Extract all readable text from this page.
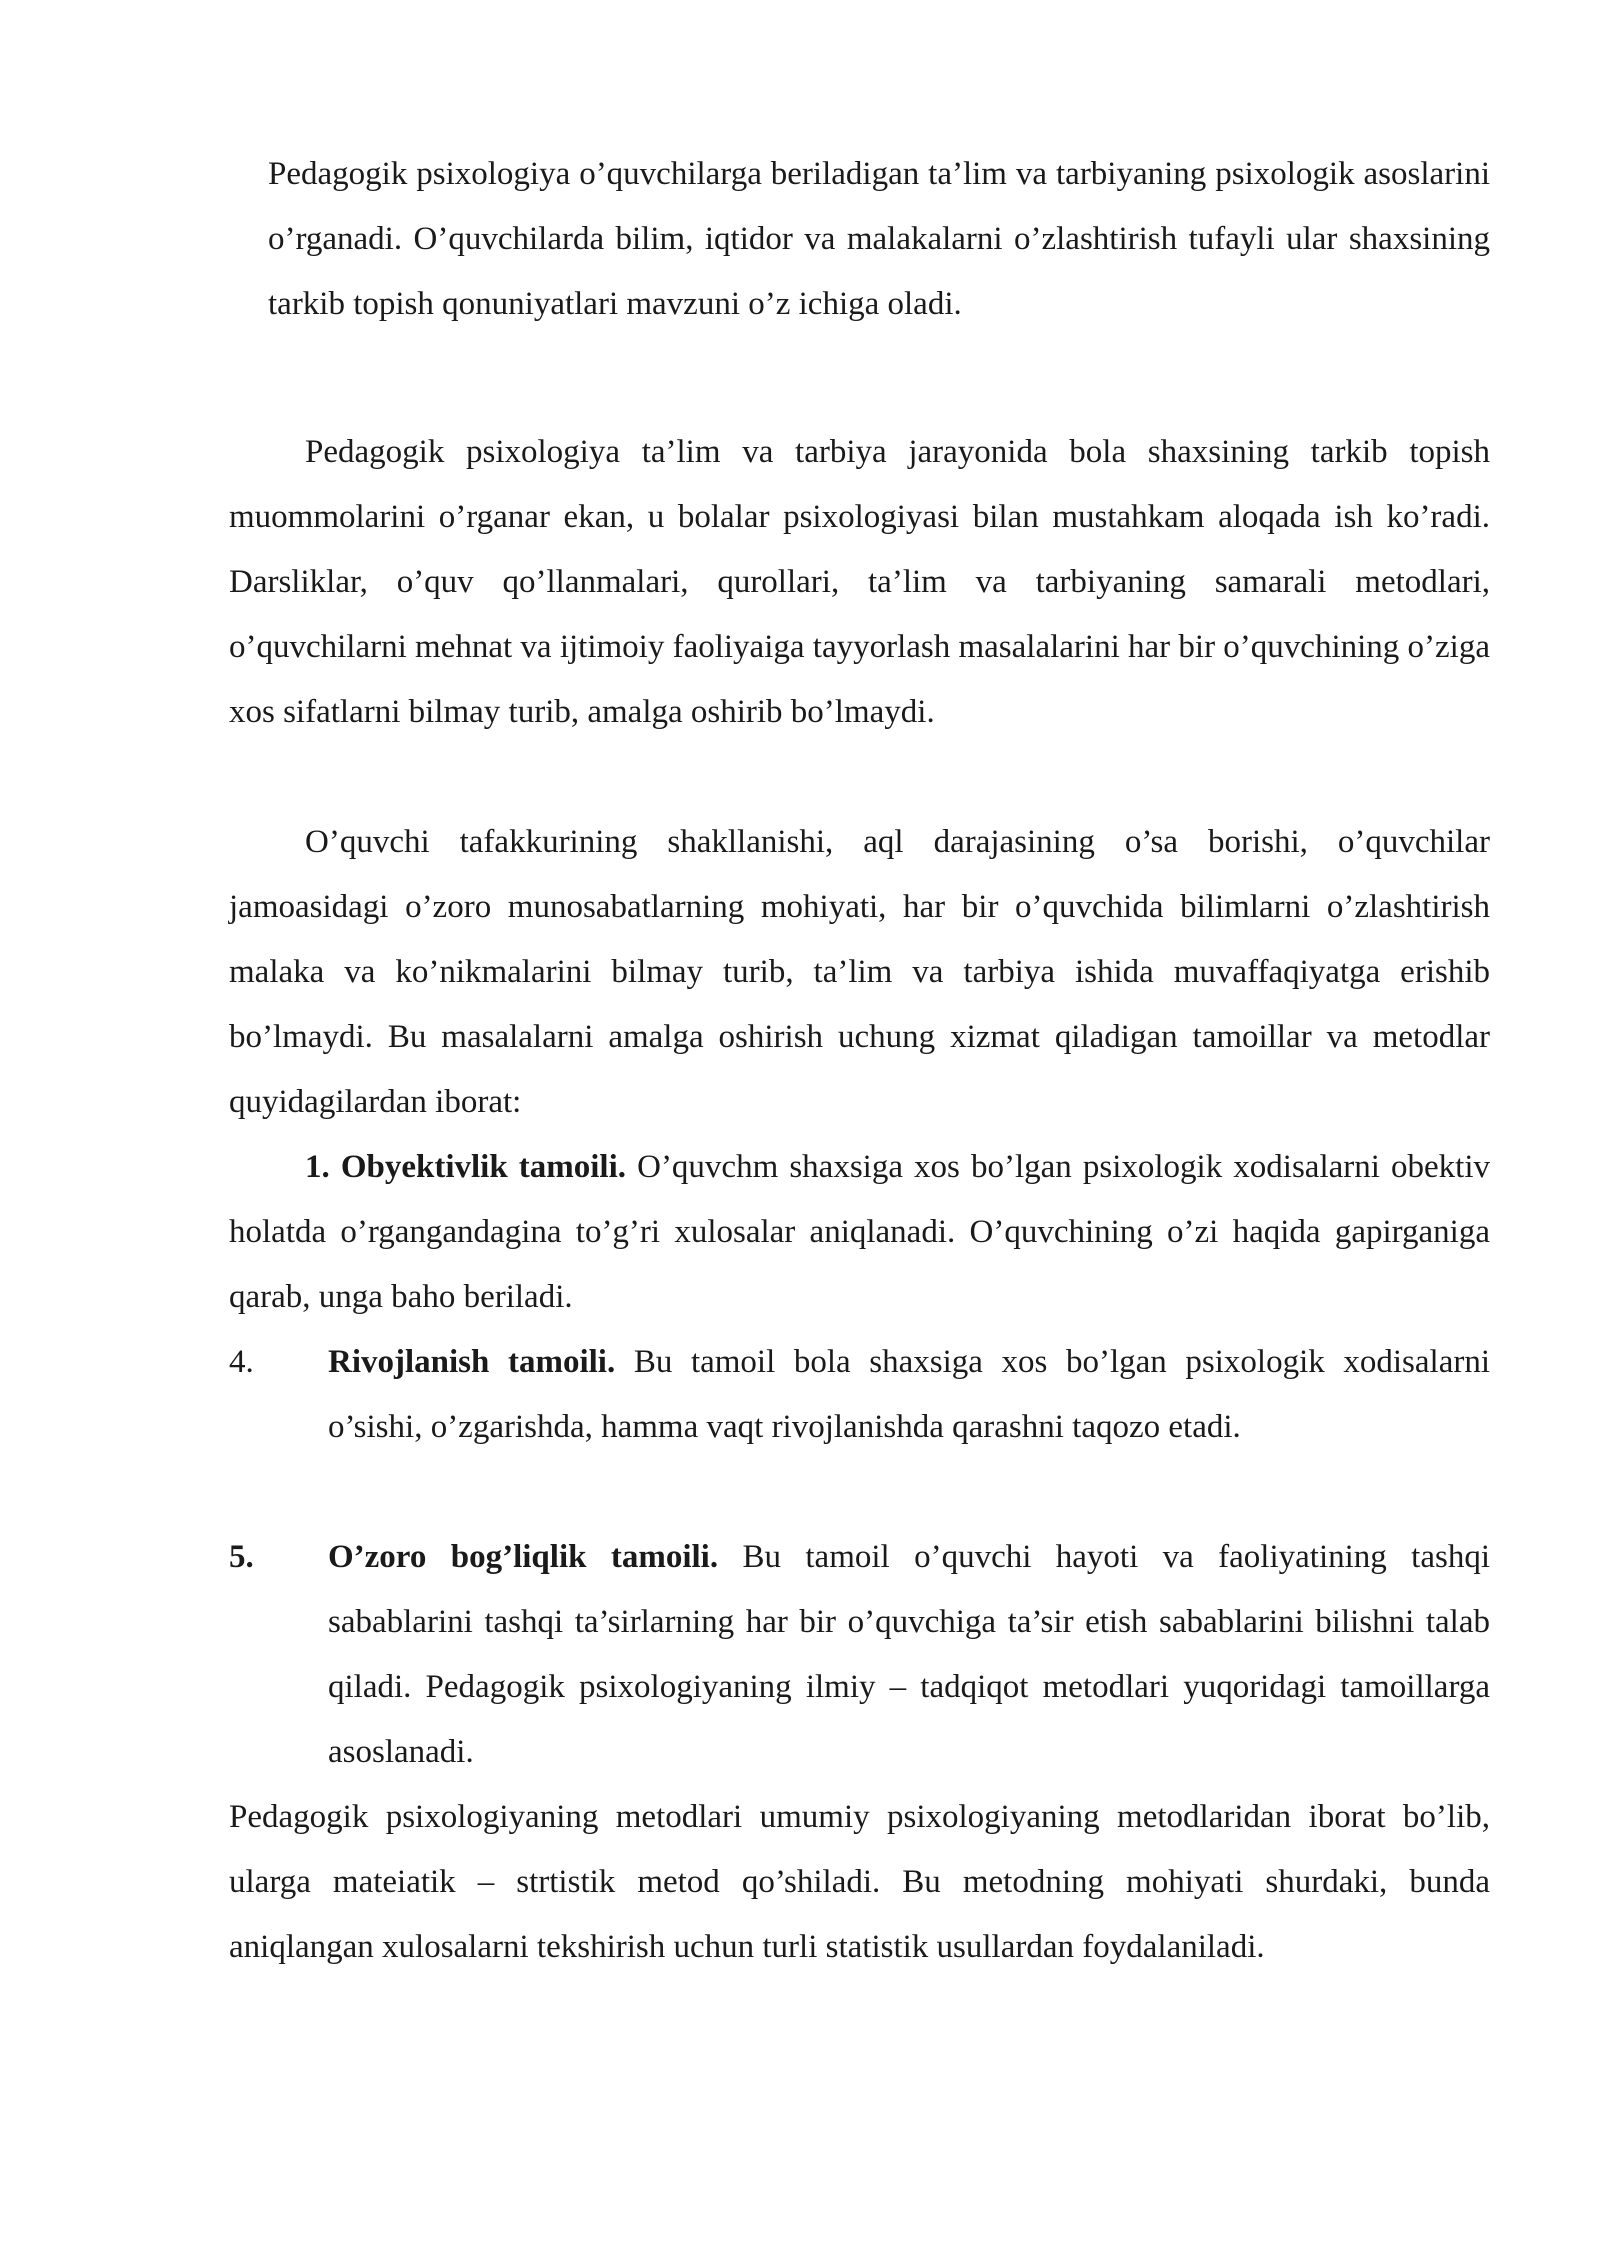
Pedagogik psixologiya o’quvchilarga beriladigan ta’lim va tarbiyaning psixologik asoslarini o’rganadi. O’quvchilarda bilim, iqtidor va malakalarni o’zlashtirish tufayli ular shaxsining tarkib topish qonuniyatlari mavzuni o’z ichiga oladi.

Pedagogik psixologiya ta’lim va tarbiya jarayonida bola shaxsining tarkib topish muommolarini o’rganar ekan, u bolalar psixologiyasi bilan mustahkam aloqada ish ko’radi. Darsliklar, o’quv qo’llanmalari, qurollari, ta’lim va tarbiyaning samarali metodlari, o’quvchilarni mehnat va ijtimoiy faoliyaiga tayyorlash masalalarini har bir o’quvchining o’ziga xos sifatlarni bilmay turib, amalga oshirib bo’lmaydi.

O’quvchi tafakkurining shakllanishi, aql darajasining o’sa borishi, o’quvchilar jamoasidagi o’zoro munosabatlarning mohiyati, har bir o’quvchida bilimlarni o’zlashtirish malaka va ko’nikmalarini bilmay turib, ta’lim va tarbiya ishida muvaffaqiyatga erishib bo’lmaydi. Bu masalalarni amalga oshirish uchung xizmat qiladigan tamoillar va metodlar quyidagilardan iborat:

1. Obyektivlik tamoili. O’quvchm shaxsiga xos bo’lgan psixologik xodisalarni obektiv holatda o’rgangandagina to’g’ri xulosalar aniqlanadi. O’quvchining o’zi haqida gapirganiga qarab, unga baho beriladi.

4. Rivojlanish tamoili. Bu tamoil bola shaxsiga xos bo’lgan psixologik xodisalarni o’sishi, o’zgarishda, hamma vaqt rivojlanishda qarashni taqozo etadi.

5. O’zoro bog’liqlik tamoili. Bu tamoil o’quvchi hayoti va faoliyatining tashqi sabablarini tashqi ta’sirlarning har bir o’quvchiga ta’sir etish sabablarini bilishni talab qiladi. Pedagogik psixologiyaning ilmiy – tadqiqot metodlari yuqoridagi tamoillarga asoslanadi.

Pedagogik psixologiyaning metodlari umumiy psixologiyaning metodlaridan iborat bo’lib, ularga mateiatik – strtistik metod qo’shiladi. Bu metodning mohiyati shurdaki, bunda aniqlangan xulosalarni tekshirish uchun turli statistik usullardan foydalaniladi.
